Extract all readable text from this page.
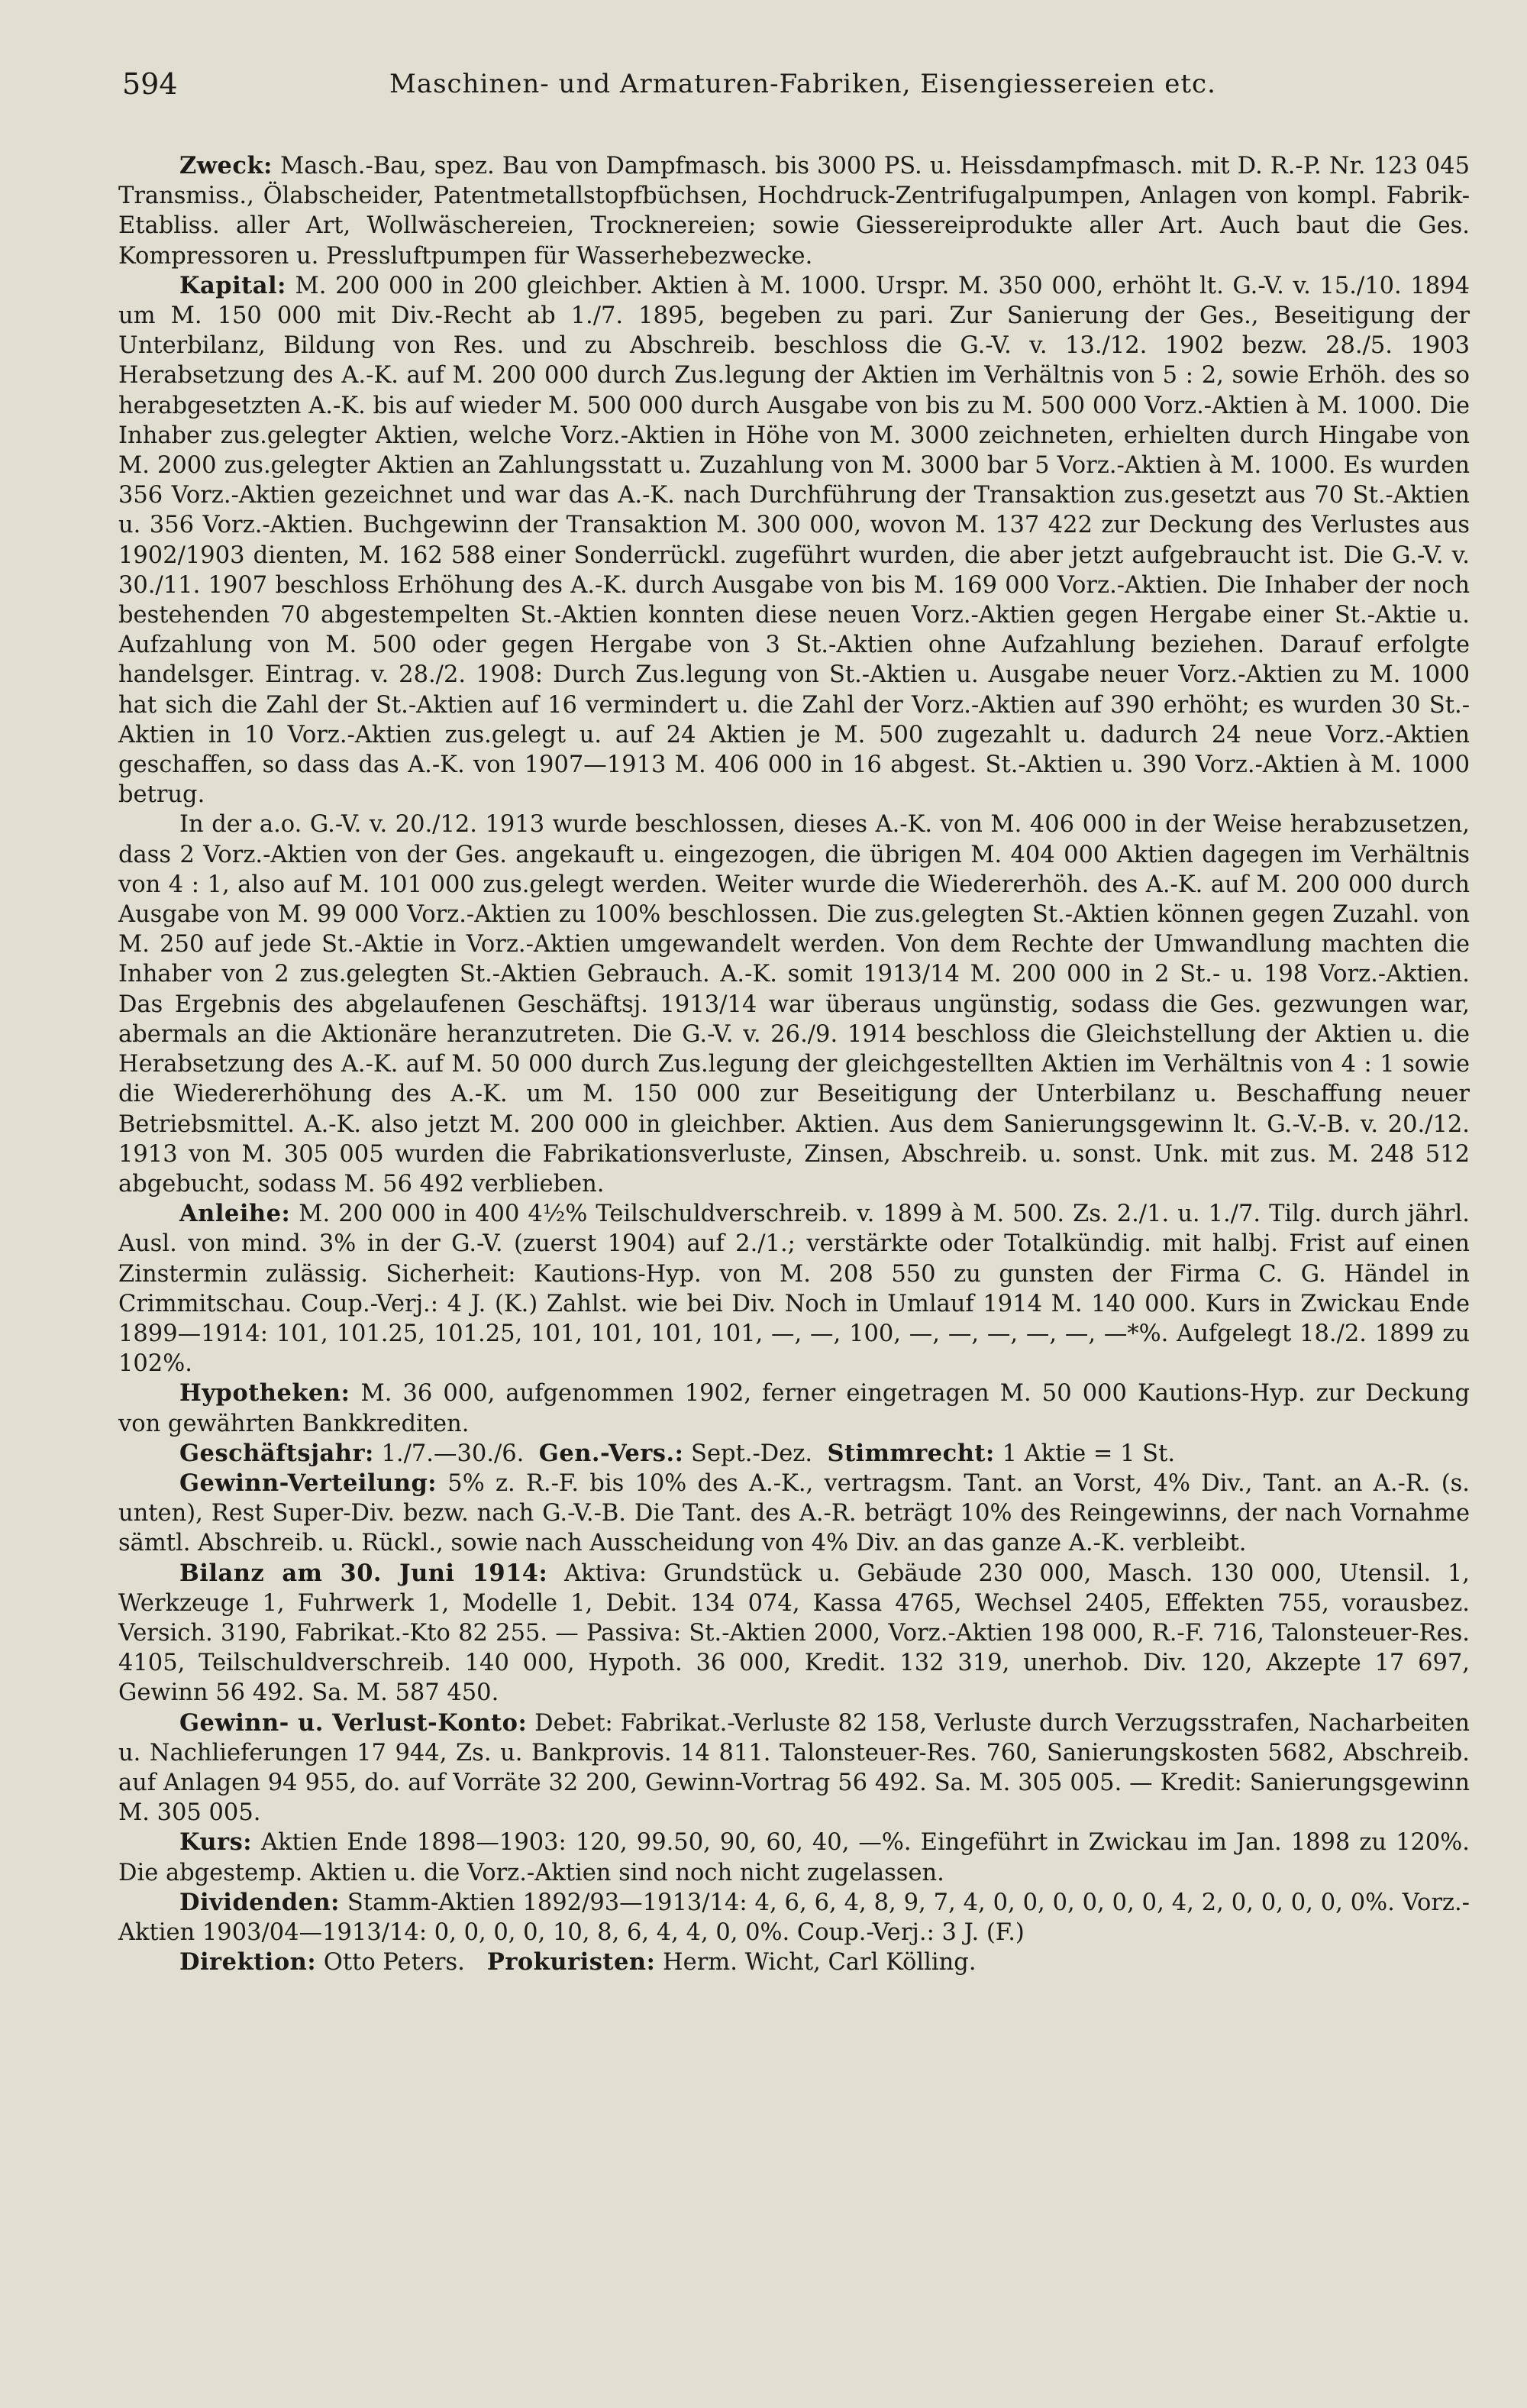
594	Maschinen- und Armaturen-Fabriken, Eisengiessereien etc.

Zweck: Masch.-Bau, spez. Bau von Dampfmasch. bis 3000 PS. u. Heissdampfmasch. mit D. R.-P. Nr. 123 045 Transmiss., Ölabscheider, Patentmetallstopfbüchsen, Hochdruck-Zentrifugalpumpen, Anlagen von kompl. Fabrik-Etabliss. aller Art, Wollwäschereien, Trocknereien; sowie Giessereiprodukte aller Art. Auch baut die Ges. Kompressoren u. Pressluftpumpen für Wasserhebezwecke.

Kapital: M. 200 000 in 200 gleichber. Aktien à M. 1000. Urspr. M. 350 000, erhöht lt. G.-V. v. 15./10. 1894 um M. 150 000 mit Div.-Recht ab 1./7. 1895, begeben zu pari. Zur Sanierung der Ges., Beseitigung der Unterbilanz, Bildung von Res. und zu Abschreib. beschloss die G.-V. v. 13./12. 1902 bezw. 28./5. 1903 Herabsetzung des A.-K. auf M. 200 000 durch Zus.legung der Aktien im Verhältnis von 5 : 2, sowie Erhöh. des so herabgesetzten A.-K. bis auf wieder M. 500 000 durch Ausgabe von bis zu M. 500 000 Vorz.-Aktien à M. 1000. Die Inhaber zus.gelegter Aktien, welche Vorz.-Aktien in Höhe von M. 3000 zeichneten, erhielten durch Hingabe von M. 2000 zus.gelegter Aktien an Zahlungsstatt u. Zuzahlung von M. 3000 bar 5 Vorz.-Aktien à M. 1000. Es wurden 356 Vorz.-Aktien gezeichnet und war das A.-K. nach Durchführung der Transaktion zus.gesetzt aus 70 St.-Aktien u. 356 Vorz.-Aktien. Buchgewinn der Transaktion M. 300 000, wovon M. 137 422 zur Deckung des Verlustes aus 1902/1903 dienten, M. 162 588 einer Sonderrückl. zugeführt wurden, die aber jetzt aufgebraucht ist. Die G.-V. v. 30./11. 1907 beschloss Erhöhung des A.-K. durch Ausgabe von bis M. 169 000 Vorz.-Aktien. Die Inhaber der noch bestehenden 70 abgestempelten St.-Aktien konnten diese neuen Vorz.-Aktien gegen Hergabe einer St.-Aktie u. Aufzahlung von M. 500 oder gegen Hergabe von 3 St.-Aktien ohne Aufzahlung beziehen. Darauf erfolgte handelsger. Eintrag. v. 28./2. 1908: Durch Zus.legung von St.-Aktien u. Ausgabe neuer Vorz.-Aktien zu M. 1000 hat sich die Zahl der St.-Aktien auf 16 vermindert u. die Zahl der Vorz.-Aktien auf 390 erhöht; es wurden 30 St.-Aktien in 10 Vorz.-Aktien zus.gelegt u. auf 24 Aktien je M. 500 zugezahlt u. dadurch 24 neue Vorz.-Aktien geschaffen, so dass das A.-K. von 1907—1913 M. 406 000 in 16 abgest. St.-Aktien u. 390 Vorz.-Aktien à M. 1000 betrug.

In der a.o. G.-V. v. 20./12. 1913 wurde beschlossen, dieses A.-K. von M. 406 000 in der Weise herabzusetzen, dass 2 Vorz.-Aktien von der Ges. angekauft u. eingezogen, die übrigen M. 404 000 Aktien dagegen im Verhältnis von 4 : 1, also auf M. 101 000 zus.gelegt werden. Weiter wurde die Wiedererhöh. des A.-K. auf M. 200 000 durch Ausgabe von M. 99 000 Vorz.-Aktien zu 100% beschlossen. Die zus.gelegten St.-Aktien können gegen Zuzahl. von M. 250 auf jede St.-Aktie in Vorz.-Aktien umgewandelt werden. Von dem Rechte der Umwandlung machten die Inhaber von 2 zus.gelegten St.-Aktien Gebrauch. A.-K. somit 1913/14 M. 200 000 in 2 St.- u. 198 Vorz.-Aktien. Das Ergebnis des abgelaufenen Geschäftsj. 1913/14 war überaus ungünstig, sodass die Ges. gezwungen war, abermals an die Aktionäre heranzutreten. Die G.-V. v. 26./9. 1914 beschloss die Gleichstellung der Aktien u. die Herabsetzung des A.-K. auf M. 50 000 durch Zus.legung der gleichgestellten Aktien im Verhältnis von 4 : 1 sowie die Wiedererhöhung des A.-K. um M. 150 000 zur Beseitigung der Unterbilanz u. Beschaffung neuer Betriebsmittel. A.-K. also jetzt M. 200 000 in gleichber. Aktien. Aus dem Sanierungsgewinn lt. G.-V.-B. v. 20./12. 1913 von M. 305 005 wurden die Fabrikationsverluste, Zinsen, Abschreib. u. sonst. Unk. mit zus. M. 248 512 abgebucht, sodass M. 56 492 verblieben.

Anleihe: M. 200 000 in 400 4½% Teilschuldverschreib. v. 1899 à M. 500. Zs. 2./1. u. 1./7. Tilg. durch jährl. Ausl. von mind. 3% in der G.-V. (zuerst 1904) auf 2./1.; verstärkte oder Totalkündig. mit halbj. Frist auf einen Zinstermin zulässig. Sicherheit: Kautions-Hyp. von M. 208 550 zu gunsten der Firma C. G. Händel in Crimmitschau. Coup.-Verj.: 4 J. (K.) Zahlst. wie bei Div. Noch in Umlauf 1914 M. 140 000. Kurs in Zwickau Ende 1899—1914: 101, 101.25, 101.25, 101, 101, 101, 101, —, —, 100, —, —, —, —, —, —*%. Aufgelegt 18./2. 1899 zu 102%.

Hypotheken: M. 36 000, aufgenommen 1902, ferner eingetragen M. 50 000 Kautions-Hyp. zur Deckung von gewährten Bankkrediten.

Geschäftsjahr: 1./7.—30./6. Gen.-Vers.: Sept.-Dez. Stimmrecht: 1 Aktie = 1 St.

Gewinn-Verteilung: 5% z. R.-F. bis 10% des A.-K., vertragsm. Tant. an Vorst, 4% Div., Tant. an A.-R. (s. unten), Rest Super-Div. bezw. nach G.-V.-B. Die Tant. des A.-R. beträgt 10% des Reingewinns, der nach Vornahme sämtl. Abschreib. u. Rückl., sowie nach Ausscheidung von 4% Div. an das ganze A.-K. verbleibt.

Bilanz am 30. Juni 1914: Aktiva: Grundstück u. Gebäude 230 000, Masch. 130 000, Utensil. 1, Werkzeuge 1, Fuhrwerk 1, Modelle 1, Debit. 134 074, Kassa 4765, Wechsel 2405, Effekten 755, vorausbez. Versich. 3190, Fabrikat.-Kto 82 255. — Passiva: St.-Aktien 2000, Vorz.-Aktien 198 000, R.-F. 716, Talonsteuer-Res. 4105, Teilschuldverschreib. 140 000, Hypoth. 36 000, Kredit. 132 319, unerhob. Div. 120, Akzepte 17 697, Gewinn 56 492. Sa. M. 587 450.

Gewinn- u. Verlust-Konto: Debet: Fabrikat.-Verluste 82 158, Verluste durch Verzugsstrafen, Nacharbeiten u. Nachlieferungen 17 944, Zs. u. Bankprovis. 14 811. Talonsteuer-Res. 760, Sanierungskosten 5682, Abschreib. auf Anlagen 94 955, do. auf Vorräte 32 200, Gewinn-Vortrag 56 492. Sa. M. 305 005. — Kredit: Sanierungsgewinn M. 305 005.

Kurs: Aktien Ende 1898—1903: 120, 99.50, 90, 60, 40, —%. Eingeführt in Zwickau im Jan. 1898 zu 120%. Die abgestemp. Aktien u. die Vorz.-Aktien sind noch nicht zugelassen.

Dividenden: Stamm-Aktien 1892/93—1913/14: 4, 6, 6, 4, 8, 9, 7, 4, 0, 0, 0, 0, 0, 0, 4, 2, 0, 0, 0, 0, 0%. Vorz.-Aktien 1903/04—1913/14: 0, 0, 0, 0, 10, 8, 6, 4, 4, 0, 0%. Coup.-Verj.: 3 J. (F.)

Direktion: Otto Peters. Prokuristen: Herm. Wicht, Carl Kölling.
